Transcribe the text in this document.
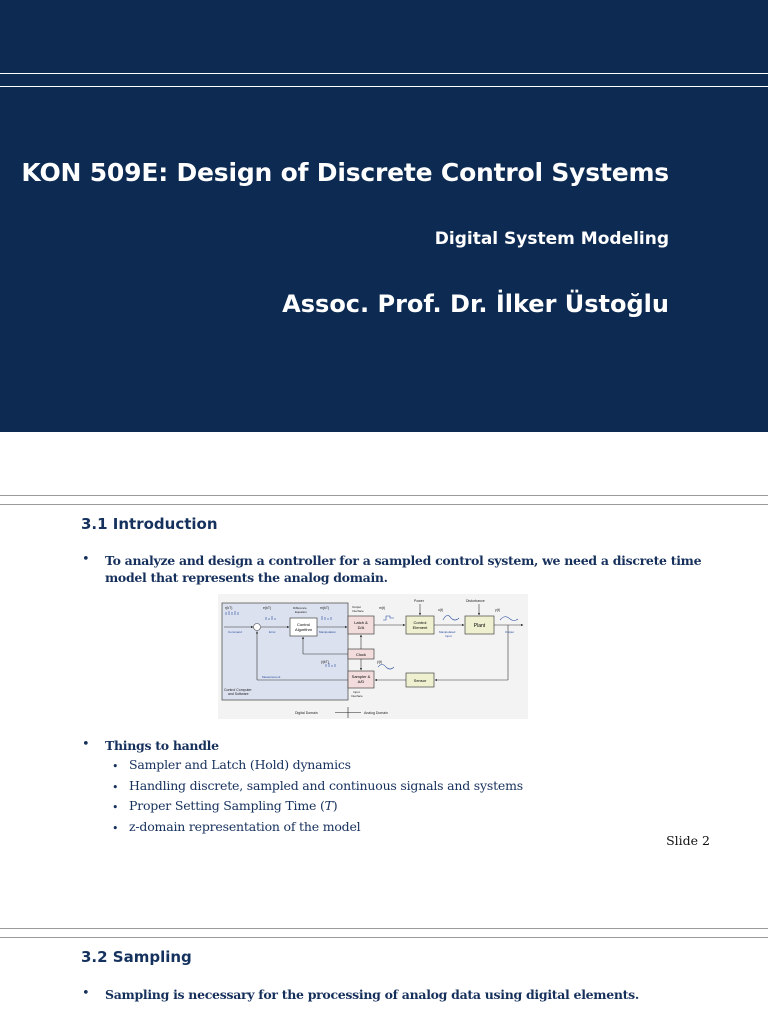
KON 509E: Design of Discrete Control Systems
Digital System Modeling
Assoc. Prof. Dr. İlker Üstoğlu
3.1 Introduction
• To analyze and design a controller for a sampled control system, we need a discrete time model that represents the analog domain.
Control
Algorithm
Latch &
D/A
Control
Element	Plant
Clock
Sampler &
A/D	Sensor
r(kT)	e(kT)	Difference
Equation
m(kT)	Output
Interface
m(t)
Power
u(t)
Disturbance
y(t)
Command	Error	Manipulation	Manipulated
Input
Output
ŷ(kT)	ŷ(t)
Measurement
Input
Interface
Control Computer
and Software
Digital Domain	Analog Domain
• Things to handle
• Sampler and Latch (Hold) dynamics
• Handling discrete, sampled and continuous signals and systems
• Proper Setting Sampling Time (T)
• z-domain representation of the model
Slide 2
3.2 Sampling
• Sampling is necessary for the processing of analog data using digital elements.
